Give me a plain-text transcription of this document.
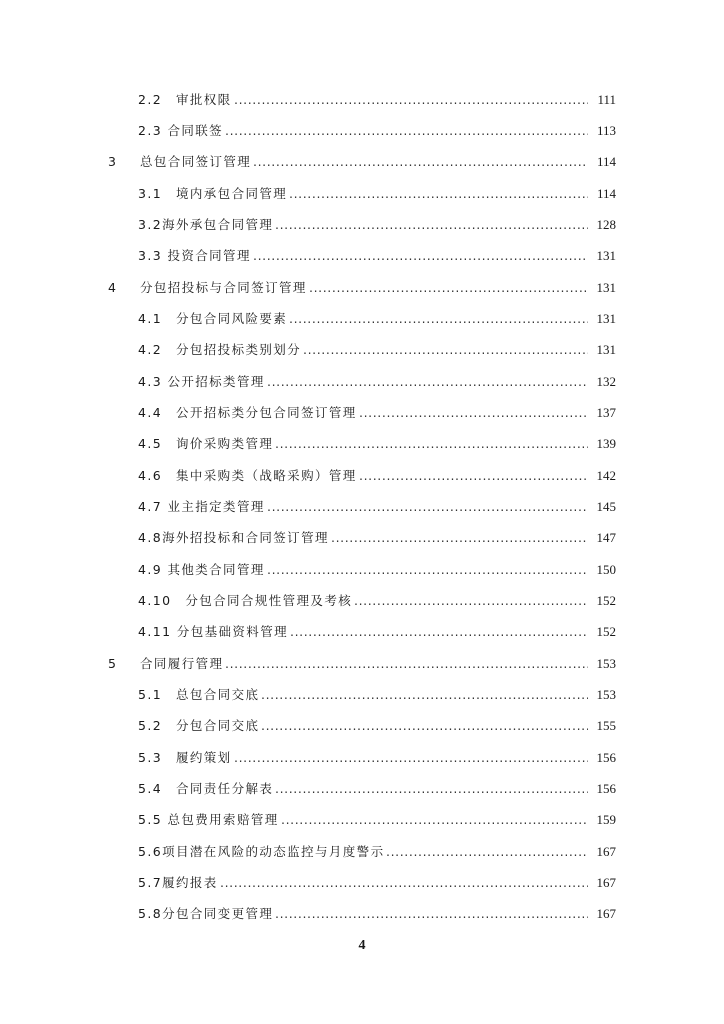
2.2　审批权限 .....	111
2.3 合同联签 .....	113
3	总包合同签订管理 .....	114
3.1　境内承包合同管理 .....	114
3.2海外承包合同管理 .....	128
3.3 投资合同管理 .....	131
4	分包招投标与合同签订管理 .....	131
4.1　分包合同风险要素 .....	131
4.2　分包招投标类别划分 .....	131
4.3 公开招标类管理 .....	132
4.4　公开招标类分包合同签订管理 .....	137
4.5　询价采购类管理 .....	139
4.6　集中采购类（战略采购）管理 .....	142
4.7 业主指定类管理 .....	145
4.8海外招投标和合同签订管理 .....	147
4.9 其他类合同管理 .....	150
4.10　分包合同合规性管理及考核 .....	152
4.11 分包基础资料管理 .....	152
5	合同履行管理 .....	153
5.1　总包合同交底 .....	153
5.2　分包合同交底 .....	155
5.3　履约策划 .....	156
5.4　合同责任分解表 .....	156
5.5 总包费用索赔管理 .....	159
5.6项目潜在风险的动态监控与月度警示 .....	167
5.7履约报表 .....	167
5.8分包合同变更管理 .....	167
4
